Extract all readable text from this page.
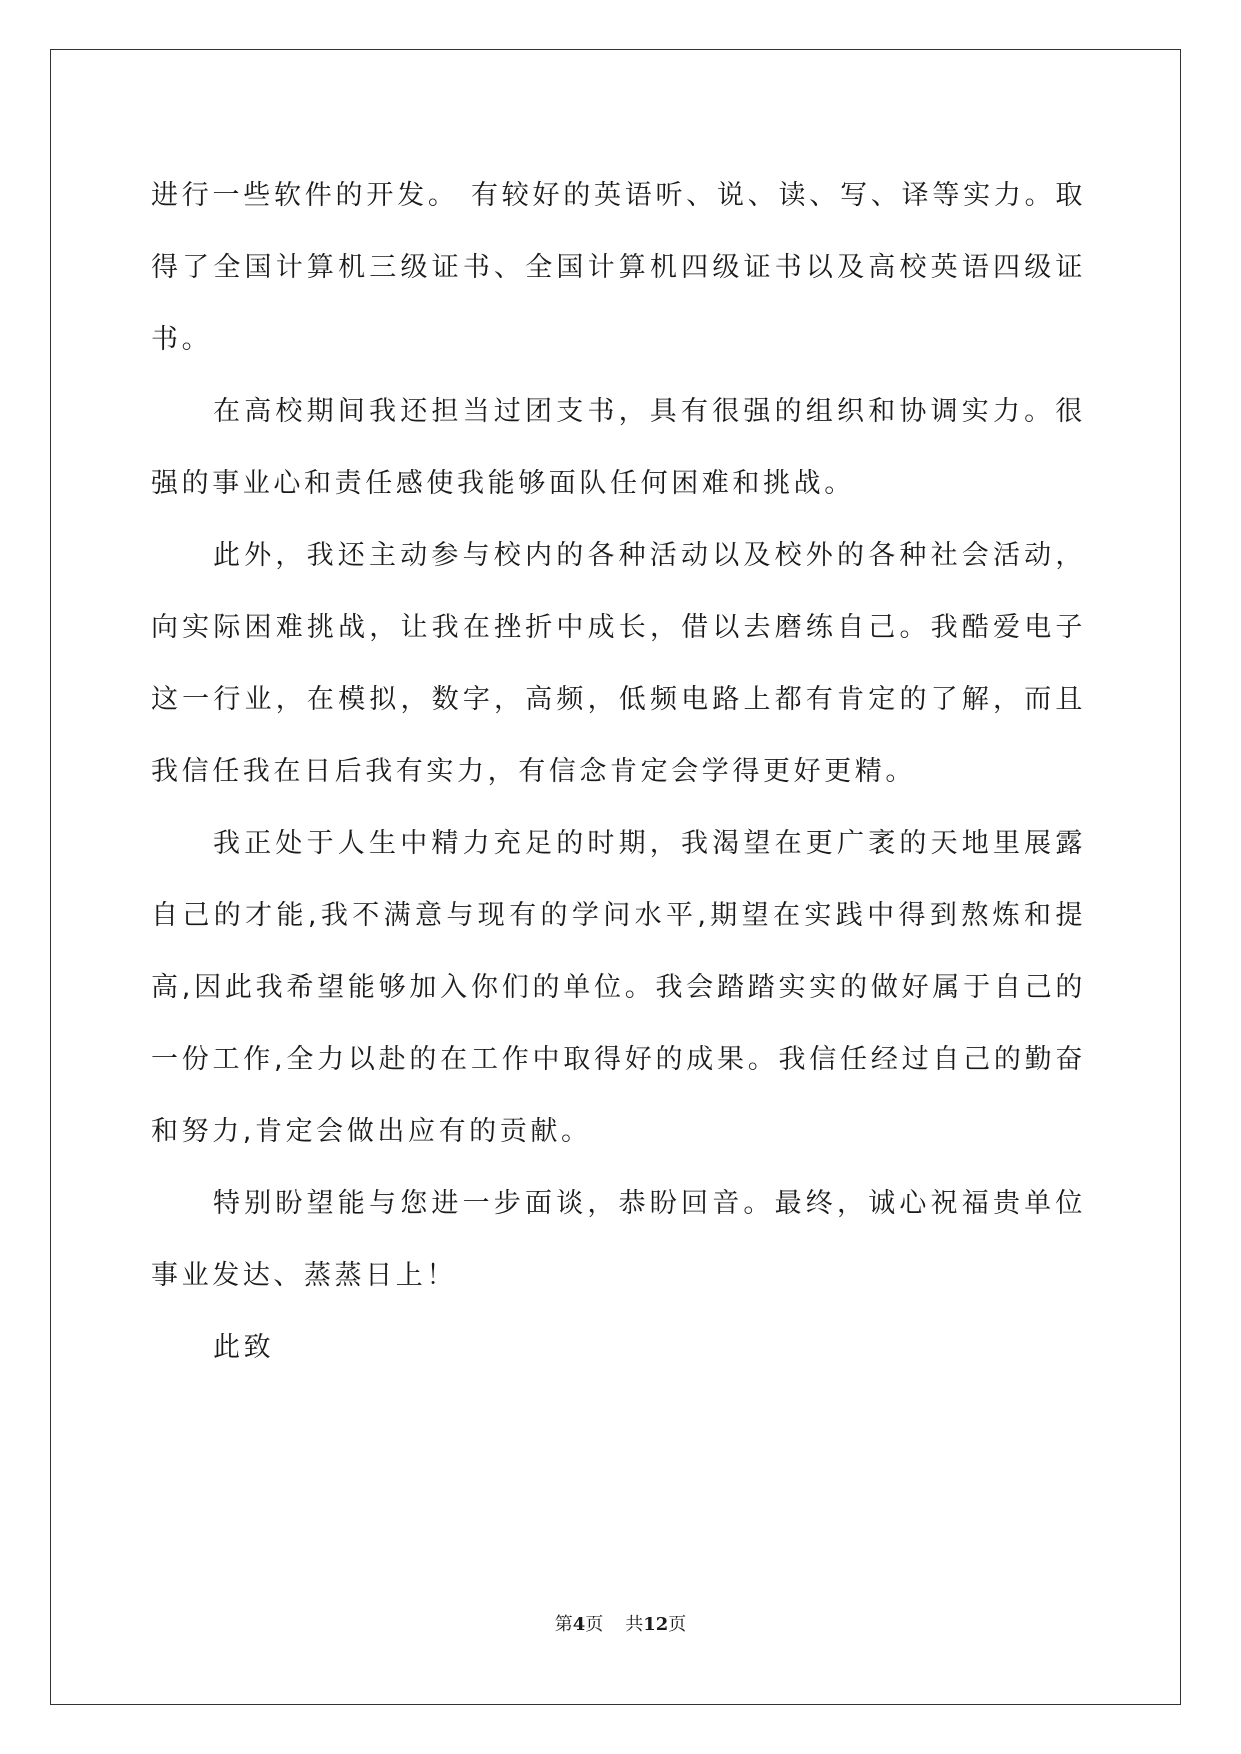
进行一些软件的开发。 有较好的英语听、说、读、写、译等实力。取得了全国计算机三级证书、全国计算机四级证书以及高校英语四级证书。

在高校期间我还担当过团支书，具有很强的组织和协调实力。很强的事业心和责任感使我能够面队任何困难和挑战。

此外，我还主动参与校内的各种活动以及校外的各种社会活动，向实际困难挑战，让我在挫折中成长，借以去磨练自己。我酷爱电子这一行业，在模拟，数字，高频，低频电路上都有肯定的了解，而且我信任我在日后我有实力，有信念肯定会学得更好更精。

我正处于人生中精力充足的时期，我渴望在更广袤的天地里展露自己的才能,我不满意与现有的学问水平,期望在实践中得到熬炼和提高,因此我希望能够加入你们的单位。我会踏踏实实的做好属于自己的一份工作,全力以赴的在工作中取得好的成果。我信任经过自己的勤奋和努力,肯定会做出应有的贡献。

特别盼望能与您进一步面谈，恭盼回音。最终，诚心祝福贵单位事业发达、蒸蒸日上！

此致

第4页 共12页
